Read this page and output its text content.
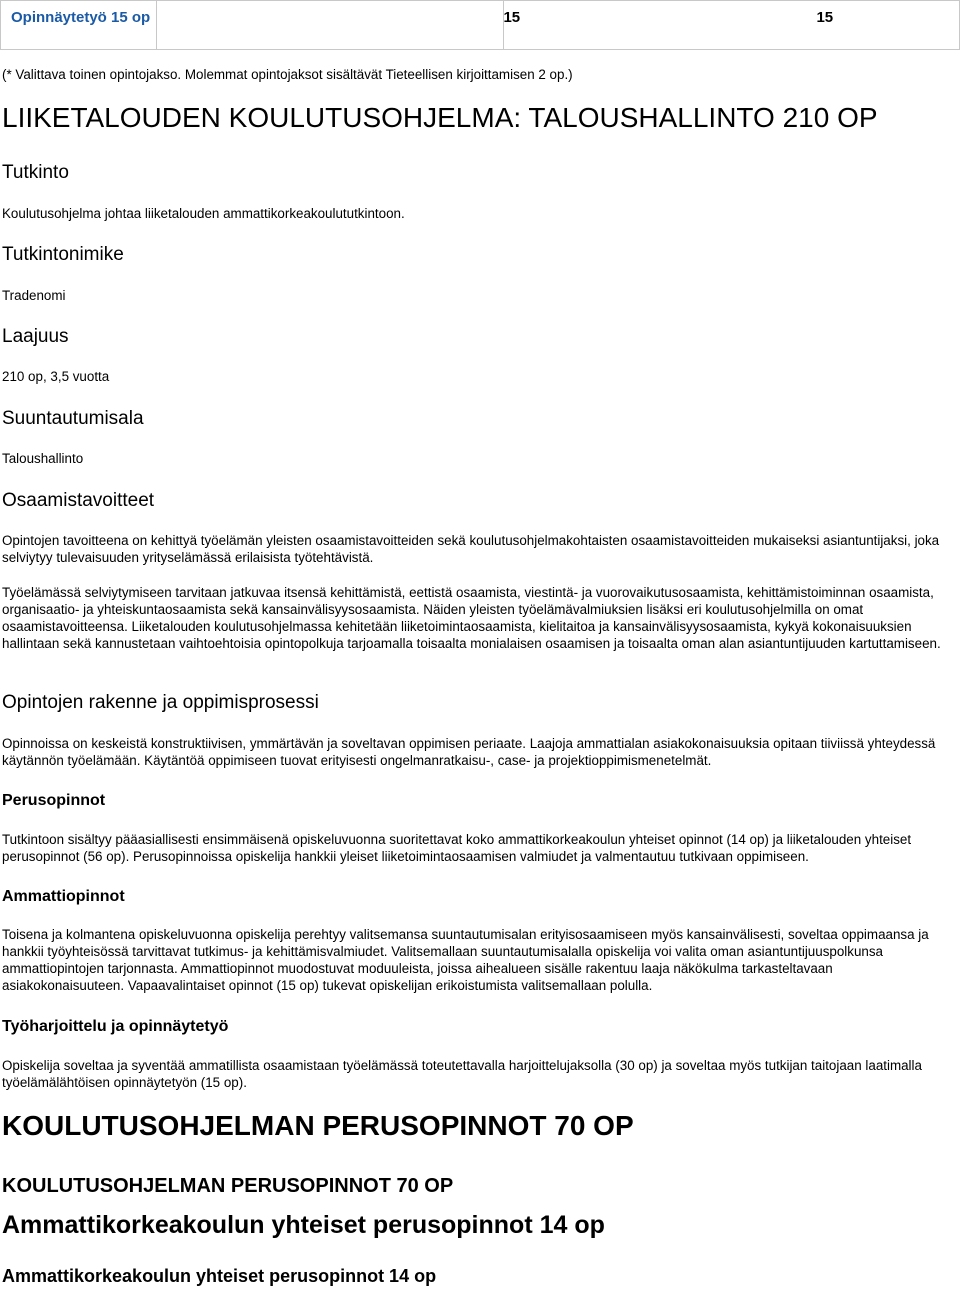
Opinnäytetyö 15 op	15	15

(* Valittava toinen opintojakso. Molemmat opintojaksot sisältävät Tieteellisen kirjoittamisen 2 op.)

LIIKETALOUDEN KOULUTUSOHJELMA: TALOUSHALLINTO 210 OP
Tutkinto

Koulutusohjelma johtaa liiketalouden ammattikorkeakoulututkintoon.

Tutkintonimike

Tradenomi

Laajuus

210 op, 3,5 vuotta

Suuntautumisala

Taloushallinto

Osaamistavoitteet

Opintojen tavoitteena on kehittyä työelämän yleisten osaamistavoitteiden sekä koulutusohjelmakohtaisten osaamistavoitteiden mukaiseksi asiantuntijaksi, joka selviytyy tulevaisuuden yrityselämässä erilaisista työtehtävistä.

Työelämässä selviytymiseen tarvitaan jatkuvaa itsensä kehittämistä, eettistä osaamista, viestintä- ja vuorovaikutusosaamista, kehittämistoiminnan osaamista, organisaatio- ja yhteiskuntaosaamista sekä kansainvälisyysosaamista. Näiden yleisten työelämävalmiuksien lisäksi eri koulutusohjelmilla on omat osaamistavoitteensa. Liiketalouden koulutusohjelmassa kehitetään liiketoimintaosaamista, kielitaitoa ja kansainvälisyysosaamista, kykyä kokonaisuuksien hallintaan sekä kannustetaan vaihtoehtoisia opintopolkuja tarjoamalla toisaalta monialaisen osaamisen ja toisaalta oman alan asiantuntijuuden kartuttamiseen.

Opintojen rakenne ja oppimisprosessi

Opinnoissa on keskeistä konstruktiivisen, ymmärtävän ja soveltavan oppimisen periaate. Laajoja ammattialan asiakokonaisuuksia opitaan tiiviissä yhteydessä käytännön työelämään. Käytäntöä oppimiseen tuovat erityisesti ongelmanratkaisu-, case- ja projektioppimismenetelmät.

Perusopinnot

Tutkintoon sisältyy pääasiallisesti ensimmäisenä opiskeluvuonna suoritettavat koko ammattikorkeakoulun yhteiset opinnot (14 op) ja liiketalouden yhteiset perusopinnot (56 op). Perusopinnoissa opiskelija hankkii yleiset liiketoimintaosaamisen valmiudet ja valmentautuu tutkivaan oppimiseen.

Ammattiopinnot

Toisena ja kolmantena opiskeluvuonna opiskelija perehtyy valitsemansa suuntautumisalan erityisosaamiseen myös kansainvälisesti, soveltaa oppimaansa ja hankkii työyhteisössä tarvittavat tutkimus- ja kehittämisvalmiudet. Valitsemallaan suuntautumisalalla opiskelija voi valita oman asiantuntijuuspolkunsa ammattiopintojen tarjonnasta. Ammattiopinnot muodostuvat moduuleista, joissa aihealueen sisälle rakentuu laaja näkökulma tarkasteltavaan asiakokonaisuuteen. Vapaavalintaiset opinnot (15 op) tukevat opiskelijan erikoistumista valitsemallaan polulla.

Työharjoittelu ja opinnäytetyö

Opiskelija soveltaa ja syventää ammatillista osaamistaan työelämässä toteutettavalla harjoittelujaksolla (30 op) ja soveltaa myös tutkijan taitojaan laatimalla työelämälähtöisen opinnäytetyön (15 op).

KOULUTUSOHJELMAN PERUSOPINNOT 70 OP
KOULUTUSOHJELMAN PERUSOPINNOT 70 OP
Ammattikorkeakoulun yhteiset perusopinnot 14 op
Ammattikorkeakoulun yhteiset perusopinnot 14 op
